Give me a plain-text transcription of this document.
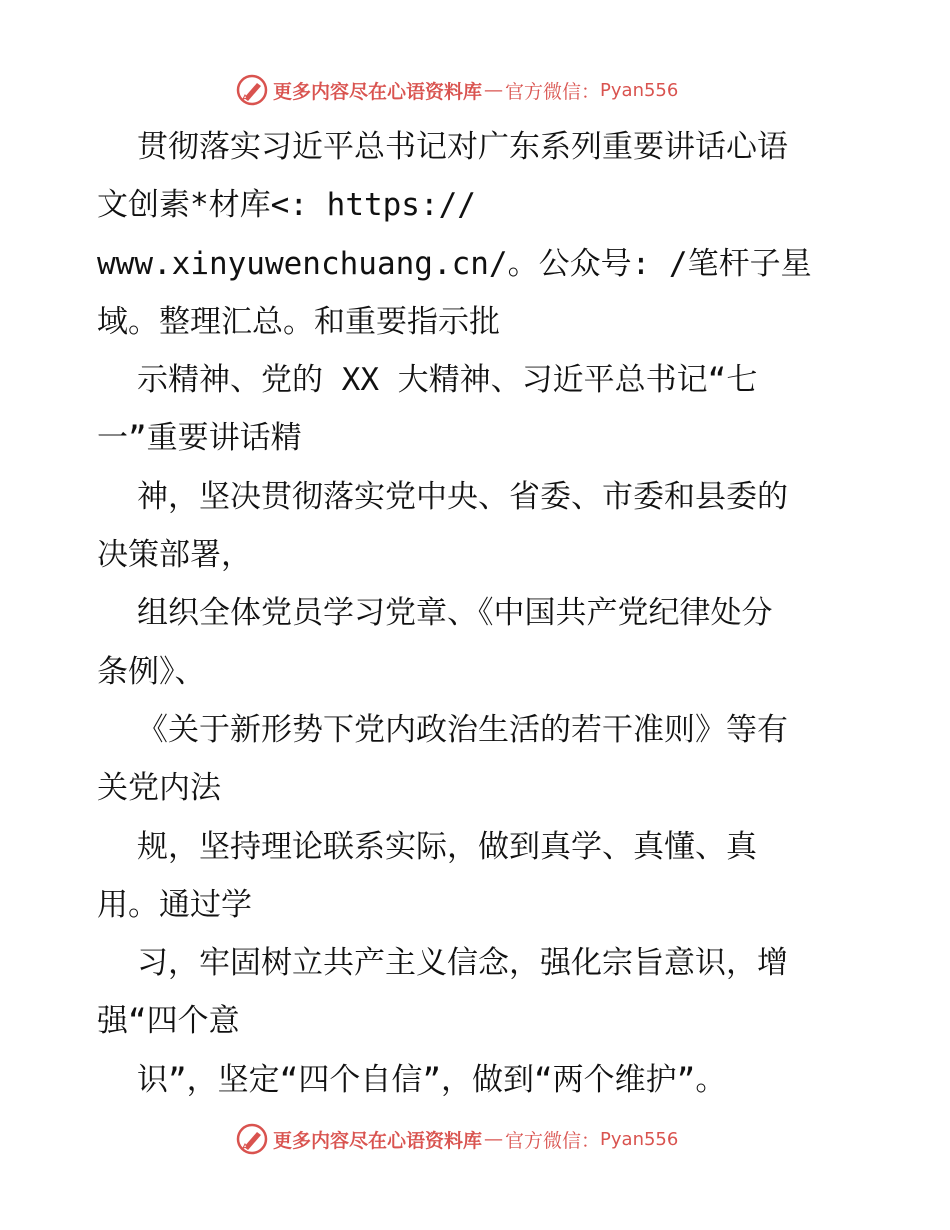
更多内容尽在心语资料库 — 官方微信： Pyan556
贯彻落实习近平总书记对广东系列重要讲话心语
文创素*材库<: https://
www.xinyuwenchuang.cn/。公众号: /笔杆子星
域。整理汇总。和重要指示批
示精神、党的 XX 大精神、习近平总书记“七
一”重要讲话精
神，坚决贯彻落实党中央、省委、市委和县委的
决策部署，
组织全体党员学习党章、《中国共产党纪律处分
条例》、
《关于新形势下党内政治生活的若干准则》等有
关党内法
规，坚持理论联系实际，做到真学、真懂、真
用。通过学
习，牢固树立共产主义信念，强化宗旨意识，增
强“四个意
识”，坚定“四个自信”，做到“两个维护”。
更多内容尽在心语资料库 — 官方微信： Pyan556
